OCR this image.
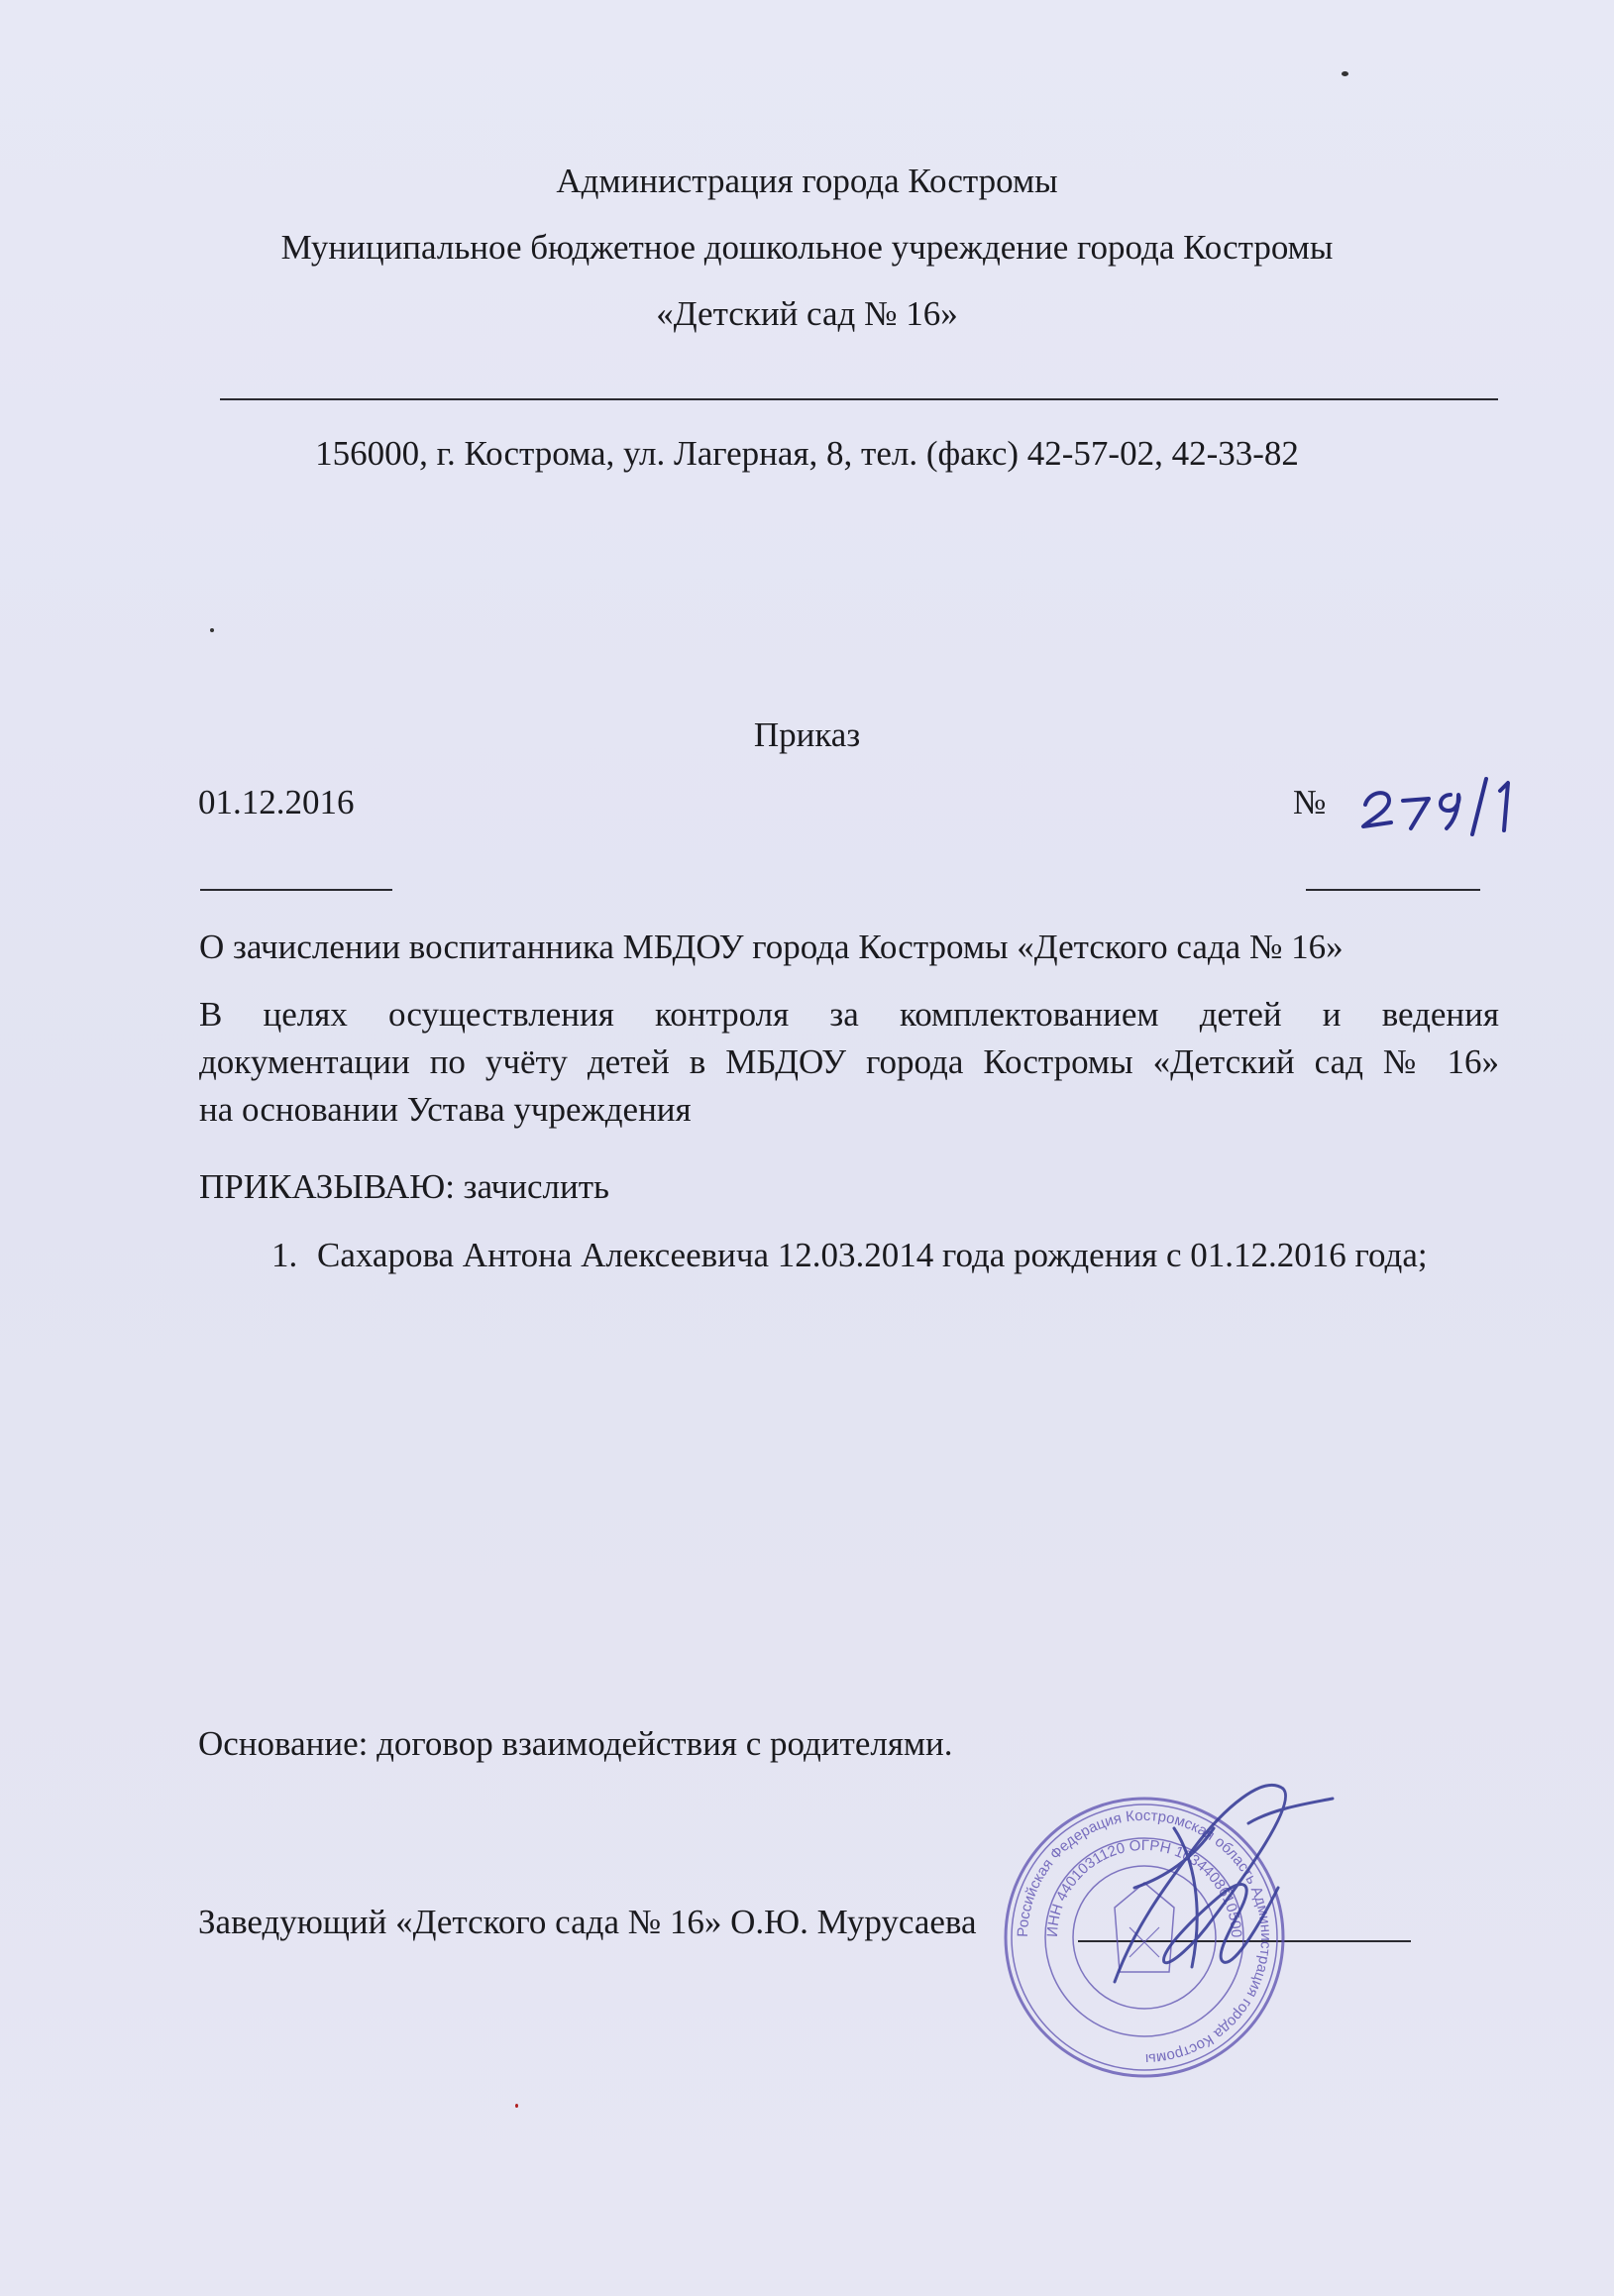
Администрация города Костромы
Муниципальное бюджетное дошкольное учреждение города Костромы
«Детский сад № 16»
156000, г. Кострома, ул. Лагерная, 8, тел. (факс) 42-57-02, 42-33-82
Приказ
01.12.2016	№
О зачислении воспитанника МБДОУ города Костромы «Детского сада № 16»
В целях осуществления контроля за комплектованием детей и ведения
документации по учёту детей в МБДОУ города Костромы «Детский сад № 16»
на основании Устава учреждения
ПРИКАЗЫВАЮ: зачислить
1. Сахарова Антона Алексеевича 12.03.2014 года рождения с 01.12.2016 года;
Основание: договор взаимодействия с родителями.
Заведующий «Детского сада № 16» О.Ю. Мурусаева	Российская Федерация Костромская область Администрация города Костромы
ИНН 4401031120 ОГРН 1034408610500
